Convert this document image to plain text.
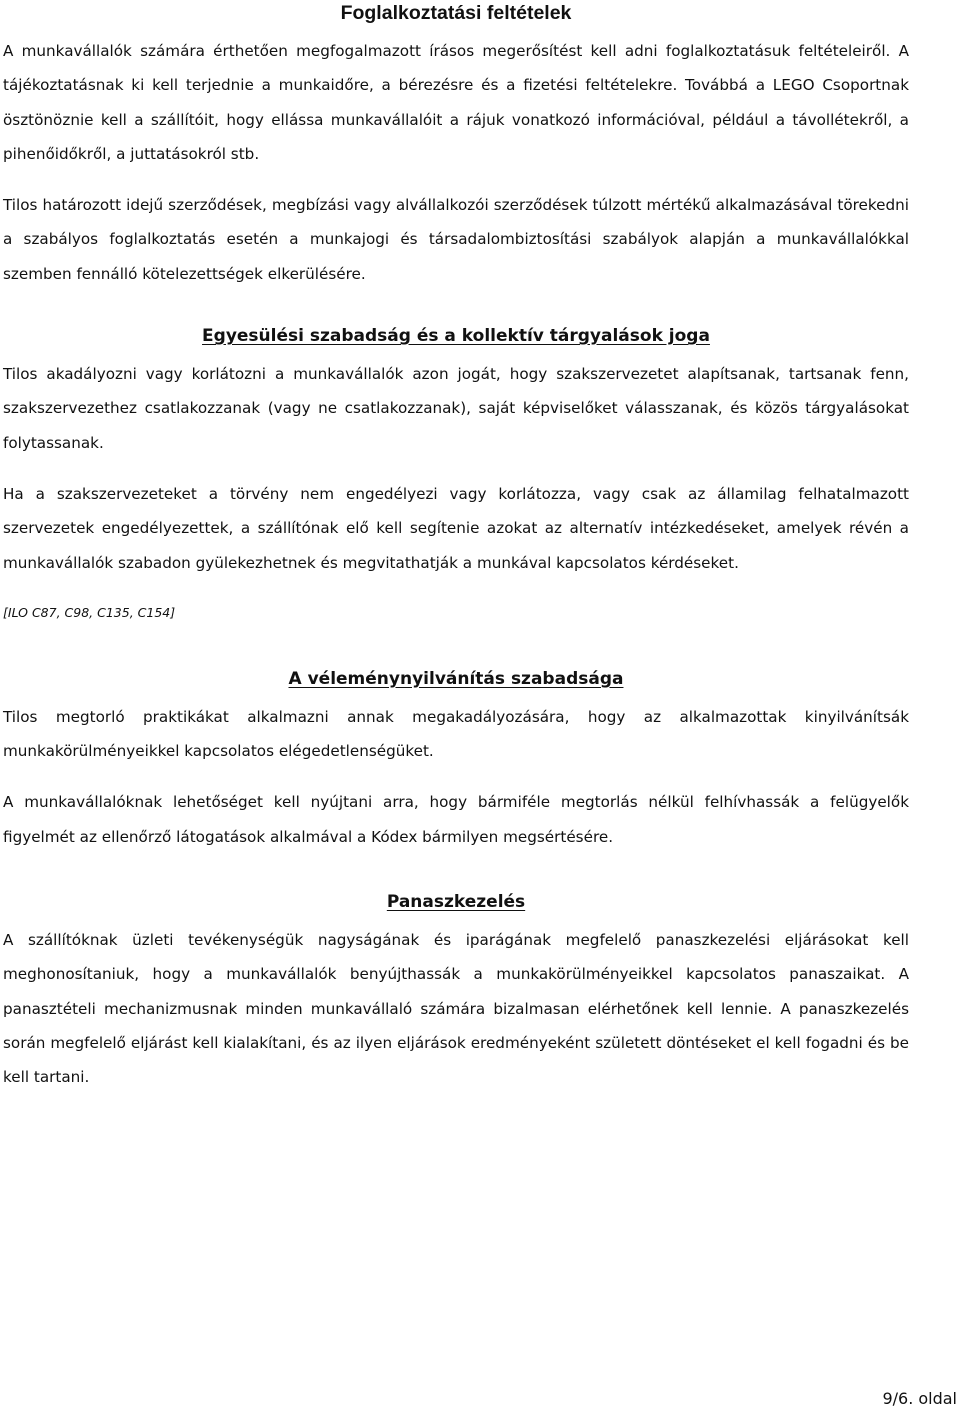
Foglalkoztatási feltételek

A munkavállalók számára érthetően megfogalmazott írásos megerősítést kell adni foglalkoztatásuk feltételeiről. A tájékoztatásnak ki kell terjednie a munkaidőre, a bérezésre és a fizetési feltételekre. Továbbá a LEGO Csoportnak ösztönöznie kell a szállítóit, hogy ellássa munkavállalóit a rájuk vonatkozó információval, például a távollétekről, a pihenőidőkről, a juttatásokról stb.

Tilos határozott idejű szerződések, megbízási vagy alvállalkozói szerződések túlzott mértékű alkalmazásával törekedni a szabályos foglalkoztatás esetén a munkajogi és társadalombiztosítási szabályok alapján a munkavállalókkal szemben fennálló kötelezettségek elkerülésére.

Egyesülési szabadság és a kollektív tárgyalások joga

Tilos akadályozni vagy korlátozni a munkavállalók azon jogát, hogy szakszervezetet alapítsanak, tartsanak fenn, szakszervezethez csatlakozzanak (vagy ne csatlakozzanak), saját képviselőket válasszanak, és közös tárgyalásokat folytassanak.

Ha a szakszervezeteket a törvény nem engedélyezi vagy korlátozza, vagy csak az államilag felhatalmazott szervezetek engedélyezettek, a szállítónak elő kell segítenie azokat az alternatív intézkedéseket, amelyek révén a munkavállalók szabadon gyülekezhetnek és megvitathatják a munkával kapcsolatos kérdéseket.

[ILO C87, C98, C135, C154]
A véleménynyilvánítás szabadsága

Tilos megtorló praktikákat alkalmazni annak megakadályozására, hogy az alkalmazottak kinyilvánítsák munkakörülményeikkel kapcsolatos elégedetlenségüket.

A munkavállalóknak lehetőséget kell nyújtani arra, hogy bármiféle megtorlás nélkül felhívhassák a felügyelők figyelmét az ellenőrző látogatások alkalmával a Kódex bármilyen megsértésére.

Panaszkezelés

A szállítóknak üzleti tevékenységük nagyságának és iparágának megfelelő panaszkezelési eljárásokat kell meghonosítaniuk, hogy a munkavállalók benyújthassák a munkakörülményeikkel kapcsolatos panaszaikat. A panasztételi mechanizmusnak minden munkavállaló számára bizalmasan elérhetőnek kell lennie. A panaszkezelés során megfelelő eljárást kell kialakítani, és az ilyen eljárások eredményeként született döntéseket el kell fogadni és be kell tartani.

9/6. oldal
